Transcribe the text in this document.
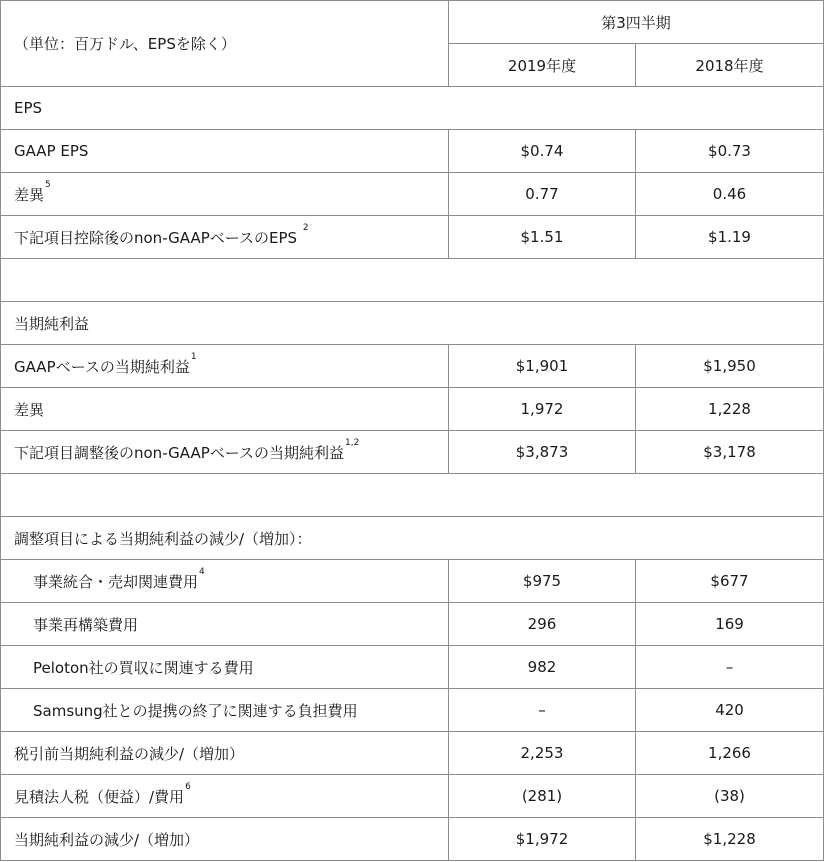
（単位：百万ドル、EPSを除く）	第3四半期	
	2019年度	2018年度
EPS		
GAAP EPS	$0.74	$0.73
差異$^5$	0.77	0.46
下記項目控除後のnon-GAAPベースのEPS $^2$	$1.51	$1.19

当期純利益		
GAAPベースの当期純利益$^1$	$1,901	$1,950
差異	1,972	1,228
下記項目調整後のnon-GAAPベースの当期純利益$^{1,2}$	$3,873	$3,178

調整項目による当期純利益の減少/（増加）：		
事業統合・売却関連費用$^4$	$975	$677
事業再構築費用	296	169
Peloton社の買収に関連する費用	982	–
Samsung社との提携の終了に関連する負担費用	–	420
税引前当期純利益の減少/（増加）	2,253	1,266
見積法人税（便益）/費用$^6$	(281)	(38)
当期純利益の減少/（増加）	$1,972	$1,228
